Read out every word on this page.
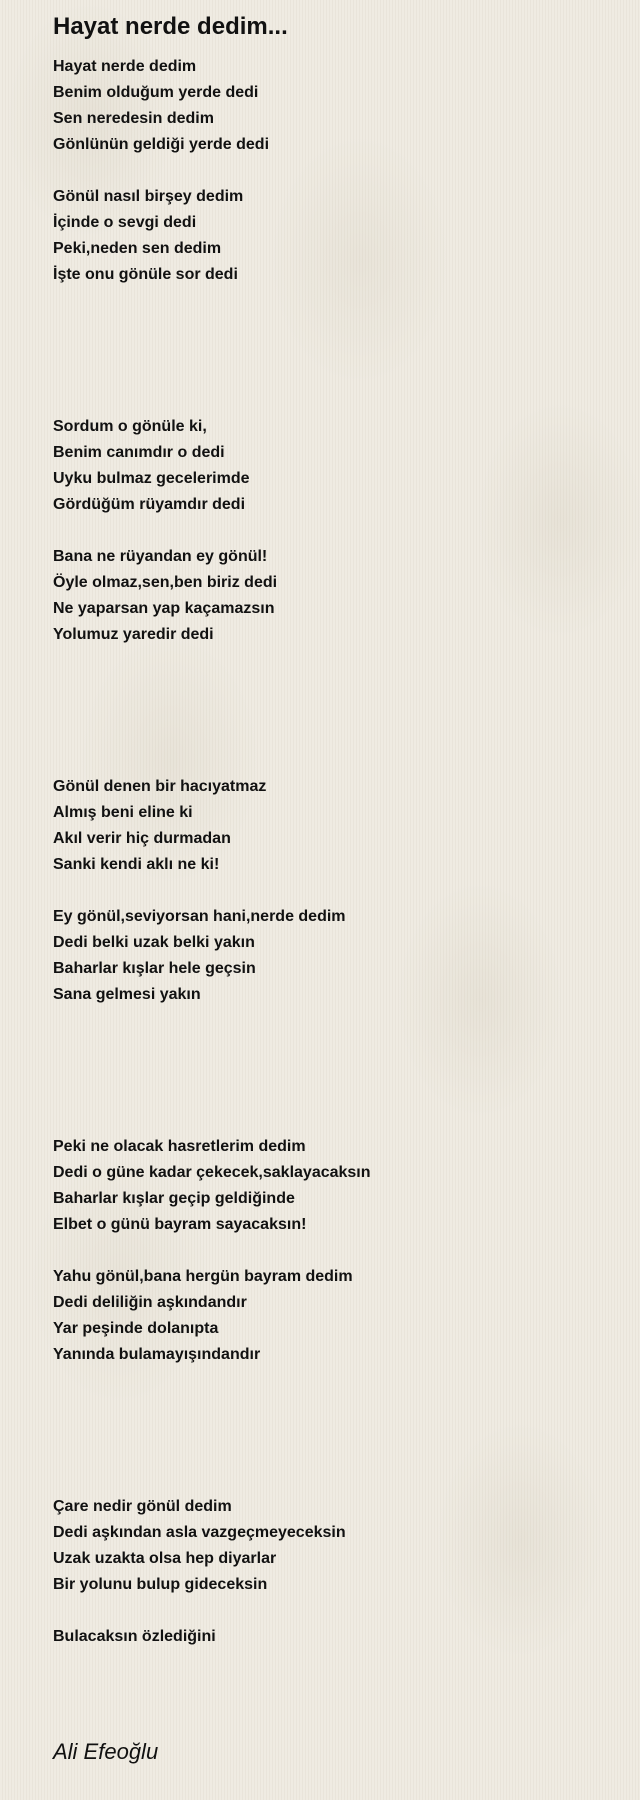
Hayat nerde dedim...
Hayat nerde dedim
Benim olduğum yerde dedi
Sen neredesin dedim
Gönlünün geldiği yerde dedi
Gönül nasıl birşey dedim
İçinde o sevgi dedi
Peki,neden sen dedim
İşte onu gönüle sor dedi
Sordum o gönüle ki,
Benim canımdır o dedi
Uyku bulmaz gecelerimde
Gördüğüm rüyamdır dedi
Bana ne rüyandan ey gönül!
Öyle olmaz,sen,ben biriz dedi
Ne yaparsan yap kaçamazsın
Yolumuz yaredir dedi
Gönül denen bir hacıyatmaz
Almış beni eline ki
Akıl verir hiç durmadan
Sanki kendi aklı ne ki!
Ey gönül,seviyorsan hani,nerde dedim
Dedi belki uzak belki yakın
Baharlar kışlar hele geçsin
Sana gelmesi yakın
Peki ne olacak hasretlerim dedim
Dedi o güne kadar çekecek,saklayacaksın
Baharlar kışlar geçip geldiğinde
Elbet o günü bayram sayacaksın!
Yahu gönül,bana hergün bayram dedim
Dedi deliliğin aşkındandır
Yar peşinde dolanıpta
Yanında bulamayışındandır
Çare nedir gönül dedim
Dedi aşkından asla vazgeçmeyeceksin
Uzak uzakta olsa hep diyarlar
Bir yolunu bulup gideceksin
Bulacaksın özlediğini
Ali Efeoğlu
